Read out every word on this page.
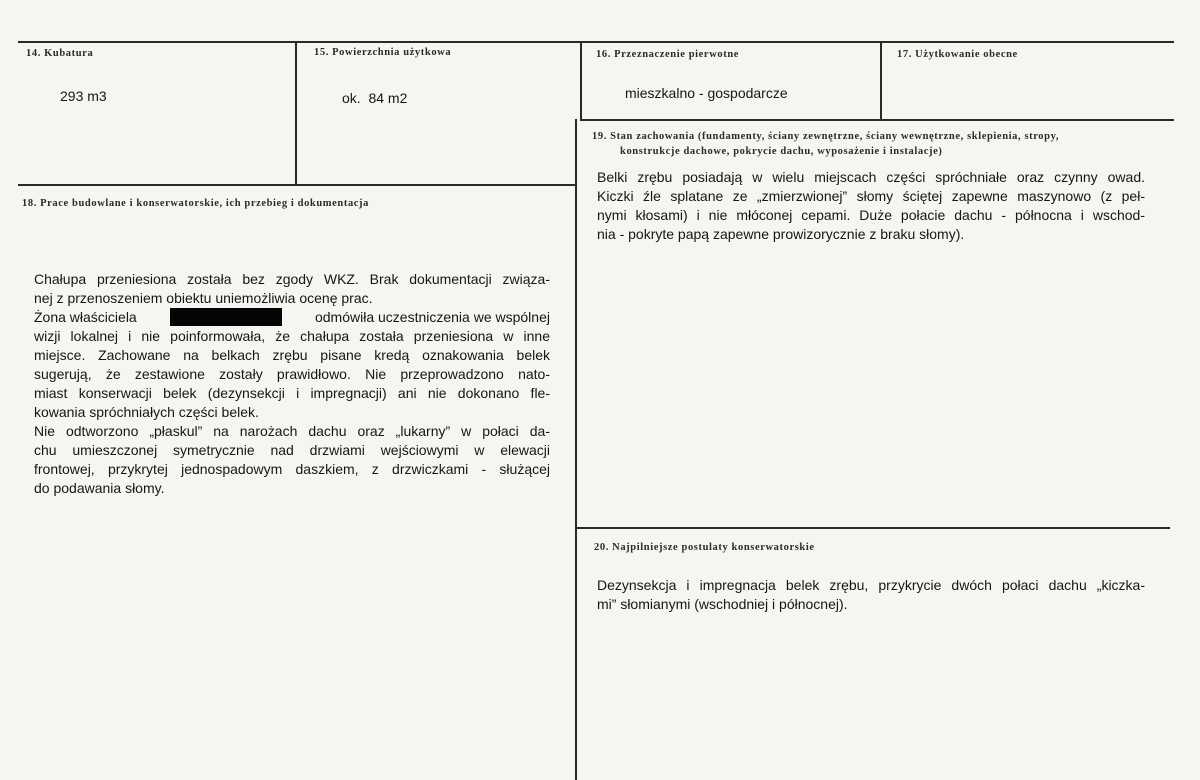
14. Kubatura
293 m3
15. Powierzchnia użytkowa
ok.  84 m2
16. Przeznaczenie pierwotne
mieszkalno - gospodarcze
17. Użytkowanie obecne
19. Stan zachowania (fundamenty, ściany zewnętrzne, ściany wewnętrzne, sklepienia, stropy,
konstrukcje dachowe, pokrycie dachu, wyposażenie i instalacje)
Belki zrębu posiadają w wielu miejscach części spróchniałe oraz czynny owad.
Kiczki źle splatane ze „zmierzwionej” słomy ściętej zapewne maszynowo (z peł-
nymi kłosami) i nie młóconej cepami. Duże połacie dachu - północna i wschod-
nia - pokryte papą zapewne prowizorycznie z braku słomy).
18. Prace budowlane i konserwatorskie, ich przebieg i dokumentacja
Chałupa przeniesiona została bez zgody WKZ. Brak dokumentacji związa-
nej z przenoszeniem obiektu uniemożliwia ocenę prac.
Żona właściciela	odmówiła uczestniczenia we wspólnej
wizji lokalnej i nie poinformowała, że chałupa została przeniesiona w inne
miejsce. Zachowane na belkach zrębu pisane kredą oznakowania belek
sugerują, że zestawione zostały prawidłowo. Nie przeprowadzono nato-
miast konserwacji belek (dezynsekcji i impregnacji) ani nie dokonano fle-
kowania spróchniałych części belek.
Nie odtworzono „płaskul” na narożach dachu oraz „lukarny” w połaci da-
chu umieszczonej symetrycznie nad drzwiami wejściowymi w elewacji
frontowej, przykrytej jednospadowym daszkiem, z drzwiczkami - służącej
do podawania słomy.
20. Najpilniejsze postulaty konserwatorskie
Dezynsekcja i impregnacja belek zrębu, przykrycie dwóch połaci dachu „kiczka-
mi” słomianymi (wschodniej i północnej).
